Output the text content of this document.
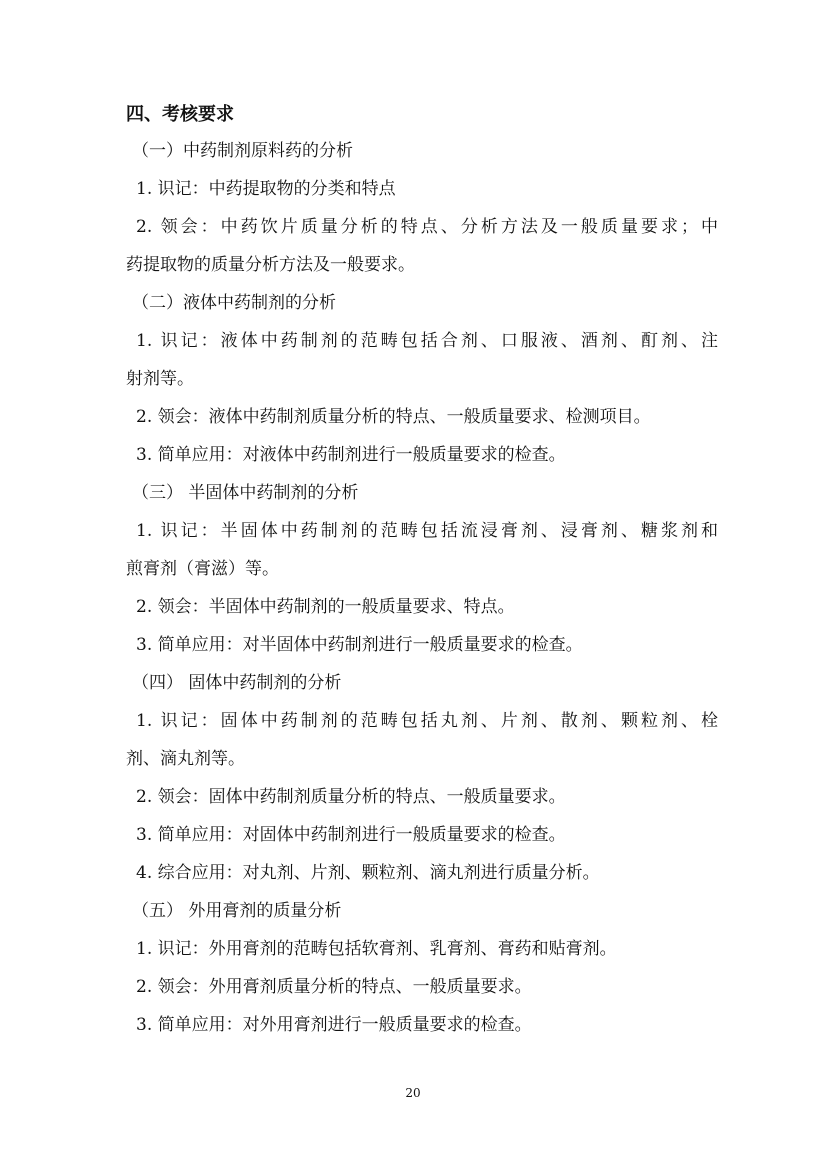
四、考核要求

（一）中药制剂原料药的分析

1. 识记：中药提取物的分类和特点

2. 领会：中药饮片质量分析的特点、分析方法及一般质量要求；中

药提取物的质量分析方法及一般要求。

（二）液体中药制剂的分析

1. 识记：液体中药制剂的范畴包括合剂、口服液、酒剂、酊剂、注

射剂等。

2. 领会：液体中药制剂质量分析的特点、一般质量要求、检测项目。

3. 简单应用：对液体中药制剂进行一般质量要求的检查。

（三） 半固体中药制剂的分析

1. 识记：半固体中药制剂的范畴包括流浸膏剂、浸膏剂、糖浆剂和

煎膏剂（膏滋）等。

2. 领会：半固体中药制剂的一般质量要求、特点。

3. 简单应用：对半固体中药制剂进行一般质量要求的检查。

（四） 固体中药制剂的分析

1. 识记：固体中药制剂的范畴包括丸剂、片剂、散剂、颗粒剂、栓

剂、滴丸剂等。

2. 领会：固体中药制剂质量分析的特点、一般质量要求。

3. 简单应用：对固体中药制剂进行一般质量要求的检查。

4. 综合应用：对丸剂、片剂、颗粒剂、滴丸剂进行质量分析。

（五） 外用膏剂的质量分析

1. 识记：外用膏剂的范畴包括软膏剂、乳膏剂、膏药和贴膏剂。

2. 领会：外用膏剂质量分析的特点、一般质量要求。

3. 简单应用：对外用膏剂进行一般质量要求的检查。

20
